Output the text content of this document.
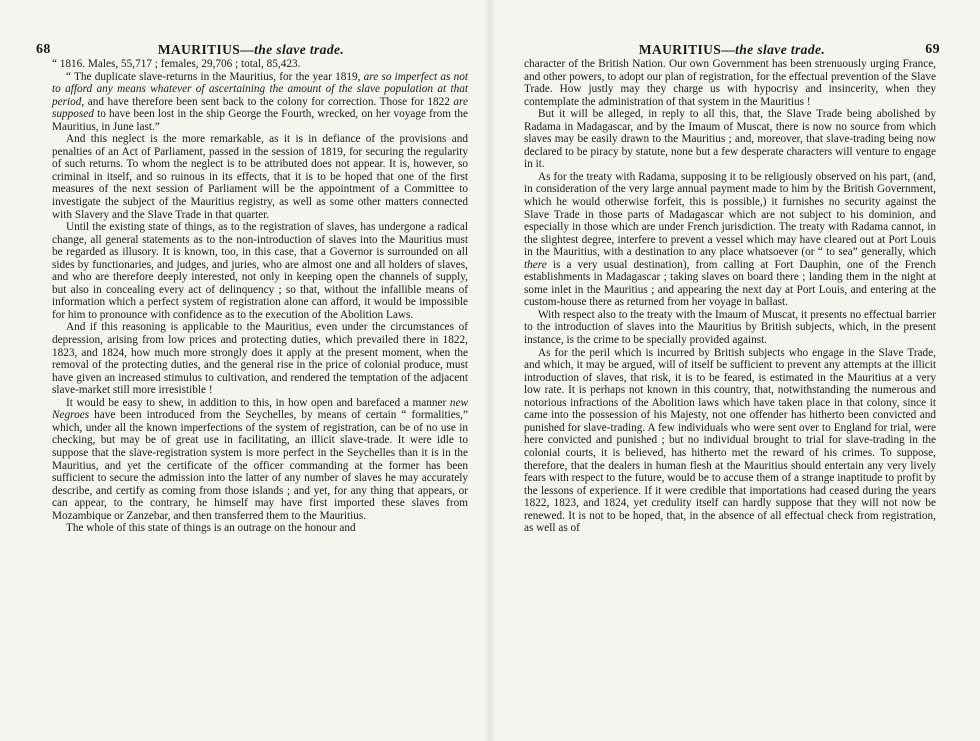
68	MAURITIUS—the slave trade.

“ 1816. Males, 55,717 ; females, 29,706 ; total, 85,423.

“ The duplicate slave-returns in the Mauritius, for the year 1819, are so imperfect as not to afford any means whatever of ascertaining the amount of the slave population at that period, and have therefore been sent back to the colony for correction. Those for 1822 are supposed to have been lost in the ship George the Fourth, wrecked, on her voyage from the Mauritius, in June last.”

And this neglect is the more remarkable, as it is in defiance of the provisions and penalties of an Act of Parliament, passed in the session of 1819, for securing the regularity of such returns. To whom the neglect is to be attributed does not appear. It is, however, so criminal in itself, and so ruinous in its effects, that it is to be hoped that one of the first measures of the next session of Parliament will be the appointment of a Committee to investigate the subject of the Mauritius registry, as well as some other matters connected with Slavery and the Slave Trade in that quarter.

Until the existing state of things, as to the registration of slaves, has undergone a radical change, all general statements as to the non-introduction of slaves into the Mauritius must be regarded as illusory. It is known, too, in this case, that a Governor is surrounded on all sides by functionaries, and judges, and juries, who are almost one and all holders of slaves, and who are therefore deeply interested, not only in keeping open the channels of supply, but also in concealing every act of delinquency ; so that, without the infallible means of information which a perfect system of registration alone can afford, it would be impossible for him to pronounce with confidence as to the execution of the Abolition Laws.

And if this reasoning is applicable to the Mauritius, even under the circumstances of depression, arising from low prices and protecting duties, which prevailed there in 1822, 1823, and 1824, how much more strongly does it apply at the present moment, when the removal of the protecting duties, and the general rise in the price of colonial produce, must have given an increased stimulus to cultivation, and rendered the temptation of the adjacent slave-market still more irresistible !

It would be easy to shew, in addition to this, in how open and barefaced a manner new Negroes have been introduced from the Seychelles, by means of certain “ formalities,” which, under all the known imperfections of the system of registration, can be of no use in checking, but may be of great use in facilitating, an illicit slave-trade. It were idle to suppose that the slave-registration system is more perfect in the Seychelles than it is in the Mauritius, and yet the certificate of the officer commanding at the former has been sufficient to secure the admission into the latter of any number of slaves he may accurately describe, and certify as coming from those islands ; and yet, for any thing that appears, or can appear, to the contrary, he himself may have first imported these slaves from Mozambique or Zanzebar, and then transferred them to the Mauritius.

The whole of this state of things is an outrage on the honour and

MAURITIUS—the slave trade.	69

character of the British Nation. Our own Government has been strenuously urging France, and other powers, to adopt our plan of registration, for the effectual prevention of the Slave Trade. How justly may they charge us with hypocrisy and insincerity, when they contemplate the administration of that system in the Mauritius !

But it will be alleged, in reply to all this, that, the Slave Trade being abolished by Radama in Madagascar, and by the Imaum of Muscat, there is now no source from which slaves may be easily drawn to the Mauritius ; and, moreover, that slave-trading being now declared to be piracy by statute, none but a few desperate characters will venture to engage in it.

As for the treaty with Radama, supposing it to be religiously observed on his part, (and, in consideration of the very large annual payment made to him by the British Government, which he would otherwise forfeit, this is possible,) it furnishes no security against the Slave Trade in those parts of Madagascar which are not subject to his dominion, and especially in those which are under French jurisdiction. The treaty with Radama cannot, in the slightest degree, interfere to prevent a vessel which may have cleared out at Port Louis in the Mauritius, with a destination to any place whatsoever (or “ to sea” generally, which there is a very usual destination), from calling at Fort Dauphin, one of the French establishments in Madagascar ; taking slaves on board there ; landing them in the night at some inlet in the Mauritius ; and appearing the next day at Port Louis, and entering at the custom-house there as returned from her voyage in ballast.

With respect also to the treaty with the Imaum of Muscat, it presents no effectual barrier to the introduction of slaves into the Mauritius by British subjects, which, in the present instance, is the crime to be specially provided against.

As for the peril which is incurred by British subjects who engage in the Slave Trade, and which, it may be argued, will of itself be sufficient to prevent any attempts at the illicit introduction of slaves, that risk, it is to be feared, is estimated in the Mauritius at a very low rate. It is perhaps not known in this country, that, notwithstanding the numerous and notorious infractions of the Abolition laws which have taken place in that colony, since it came into the possession of his Majesty, not one offender has hitherto been convicted and punished for slave-trading. A few individuals who were sent over to England for trial, were here convicted and punished ; but no individual brought to trial for slave-trading in the colonial courts, it is believed, has hitherto met the reward of his crimes. To suppose, therefore, that the dealers in human flesh at the Mauritius should entertain any very lively fears with respect to the future, would be to accuse them of a strange inaptitude to profit by the lessons of experience. If it were credible that importations had ceased during the years 1822, 1823, and 1824, yet credulity itself can hardly suppose that they will not now be renewed. It is not to be hoped, that, in the absence of all effectual check from registration, as well as of
